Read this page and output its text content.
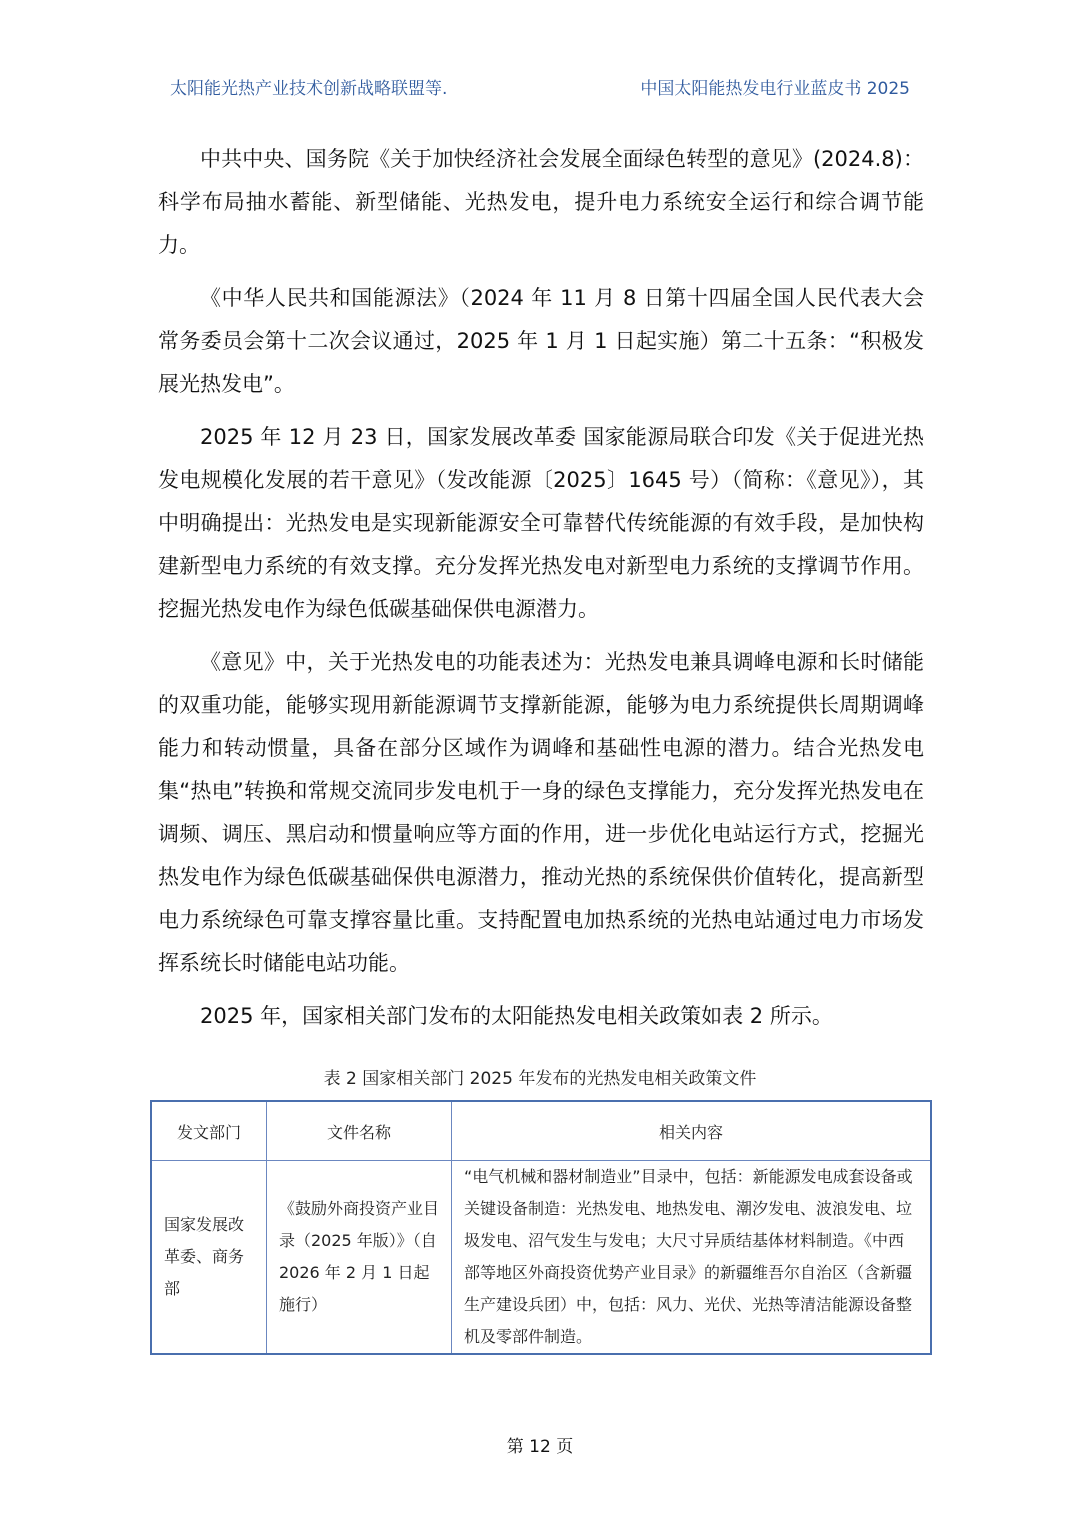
太阳能光热产业技术创新战略联盟等.	中国太阳能热发电行业蓝皮书 2025

中共中央、国务院《关于加快经济社会发展全面绿色转型的意见》(2024.8)：科学布局抽水蓄能、新型储能、光热发电，提升电力系统安全运行和综合调节能力。

《中华人民共和国能源法》（2024 年 11 月 8 日第十四届全国人民代表大会常务委员会第十二次会议通过，2025 年 1 月 1 日起实施）第二十五条：“积极发展光热发电”。

2025 年 12 月 23 日，国家发展改革委 国家能源局联合印发《关于促进光热发电规模化发展的若干意见》（发改能源〔2025〕1645 号）（简称：《意见》），其中明确提出：光热发电是实现新能源安全可靠替代传统能源的有效手段，是加快构建新型电力系统的有效支撑。充分发挥光热发电对新型电力系统的支撑调节作用。挖掘光热发电作为绿色低碳基础保供电源潜力。

《意见》中，关于光热发电的功能表述为：光热发电兼具调峰电源和长时储能的双重功能，能够实现用新能源调节支撑新能源，能够为电力系统提供长周期调峰能力和转动惯量，具备在部分区域作为调峰和基础性电源的潜力。结合光热发电集“热电”转换和常规交流同步发电机于一身的绿色支撑能力，充分发挥光热发电在调频、调压、黑启动和惯量响应等方面的作用，进一步优化电站运行方式，挖掘光热发电作为绿色低碳基础保供电源潜力，推动光热的系统保供价值转化，提高新型电力系统绿色可靠支撑容量比重。支持配置电加热系统的光热电站通过电力市场发挥系统长时储能电站功能。

2025 年，国家相关部门发布的太阳能热发电相关政策如表 2 所示。

表 2 国家相关部门 2025 年发布的光热发电相关政策文件
发文部门	文件名称	相关内容
国家发展改革委、商务部	《鼓励外商投资产业目录（2025 年版）》（自 2026 年 2 月 1 日起施行）	“电气机械和器材制造业”目录中，包括：新能源发电成套设备或关键设备制造：光热发电、地热发电、潮汐发电、波浪发电、垃圾发电、沼气发生与发电；大尺寸异质结基体材料制造。《中西部等地区外商投资优势产业目录》的新疆维吾尔自治区（含新疆生产建设兵团）中，包括：风力、光伏、光热等清洁能源设备整机及零部件制造。
第 12 页
